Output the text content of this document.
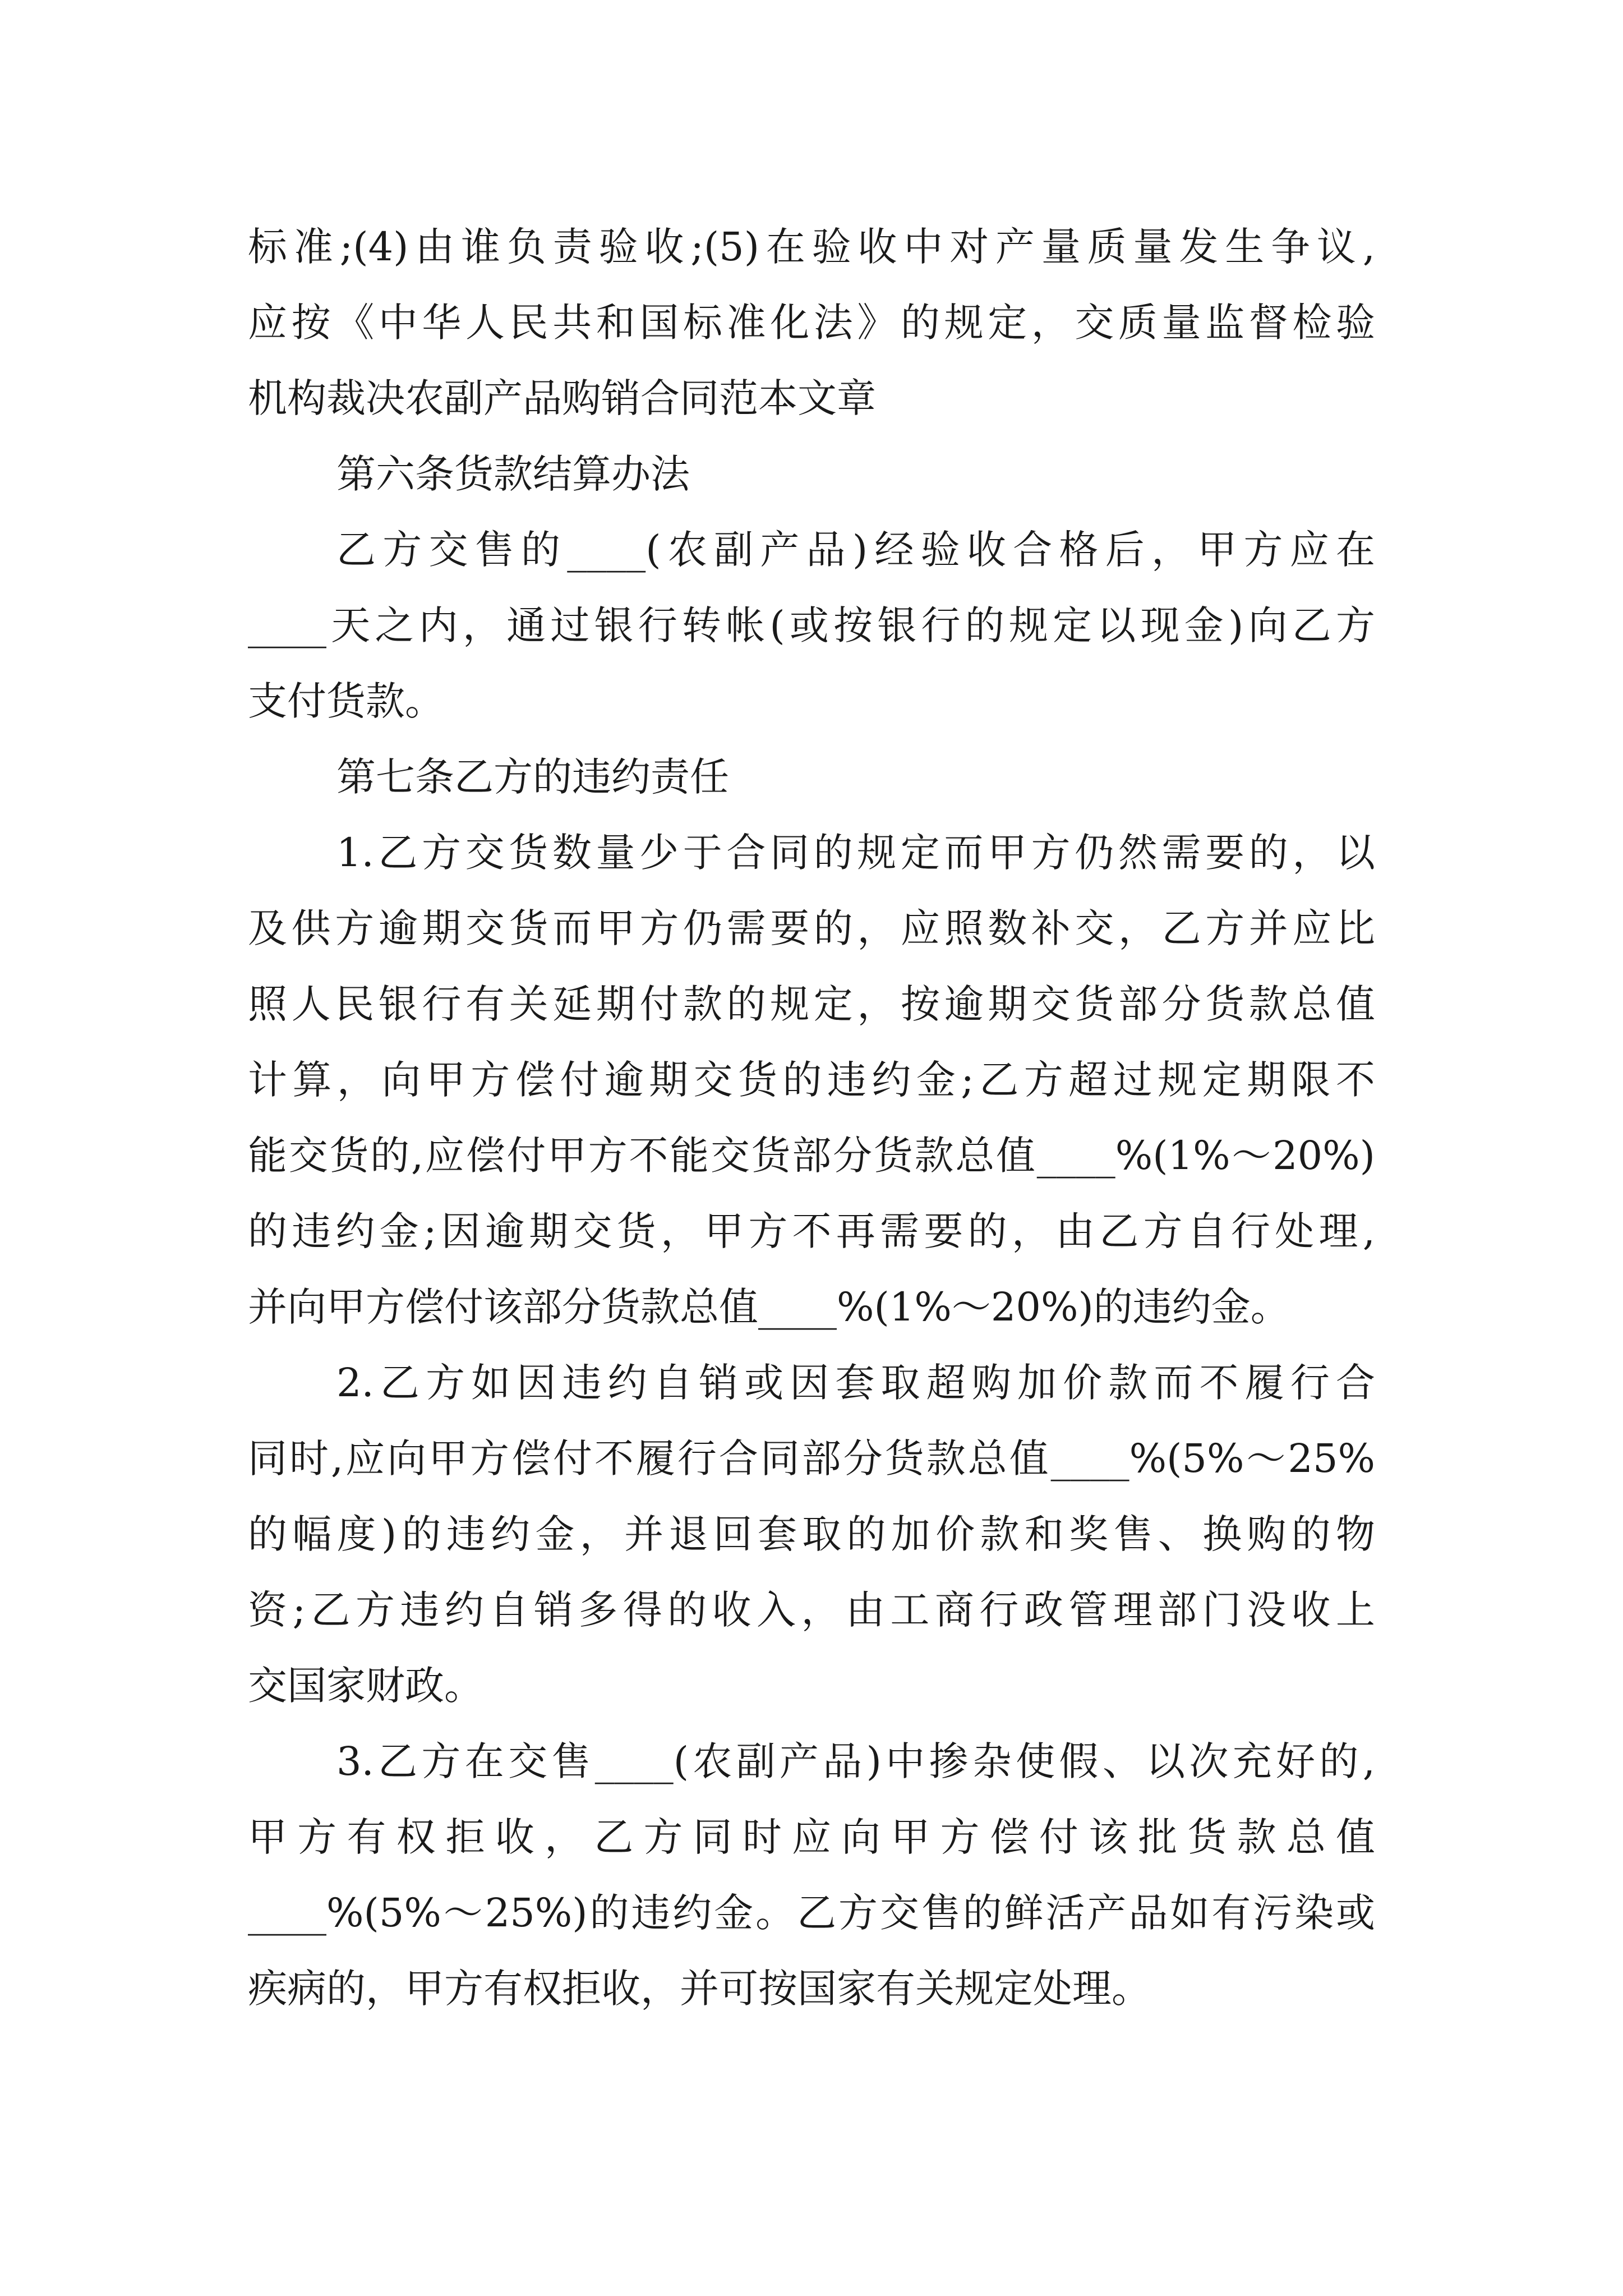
标准;(4)由谁负责验收;(5)在验收中对产量质量发生争议,
应按《中华人民共和国标准化法》的规定，交质量监督检验
机构裁决农副产品购销合同范本文章
第六条货款结算办法
乙方交售的____(农副产品)经验收合格后，甲方应在
____天之内，通过银行转帐(或按银行的规定以现金)向乙方
支付货款。
第七条乙方的违约责任
1.乙方交货数量少于合同的规定而甲方仍然需要的，以
及供方逾期交货而甲方仍需要的，应照数补交，乙方并应比
照人民银行有关延期付款的规定，按逾期交货部分货款总值
计算，向甲方偿付逾期交货的违约金;乙方超过规定期限不
能交货的,应偿付甲方不能交货部分货款总值____%(1%～20%)
的违约金;因逾期交货，甲方不再需要的，由乙方自行处理,
并向甲方偿付该部分货款总值____%(1%～20%)的违约金。
2.乙方如因违约自销或因套取超购加价款而不履行合
同时,应向甲方偿付不履行合同部分货款总值____%(5%～25%
的幅度)的违约金，并退回套取的加价款和奖售、换购的物
资;乙方违约自销多得的收入，由工商行政管理部门没收上
交国家财政。
3.乙方在交售____(农副产品)中掺杂使假、以次充好的,
甲方有权拒收，乙方同时应向甲方偿付该批货款总值
____%(5%～25%)的违约金。乙方交售的鲜活产品如有污染或
疾病的，甲方有权拒收，并可按国家有关规定处理。
